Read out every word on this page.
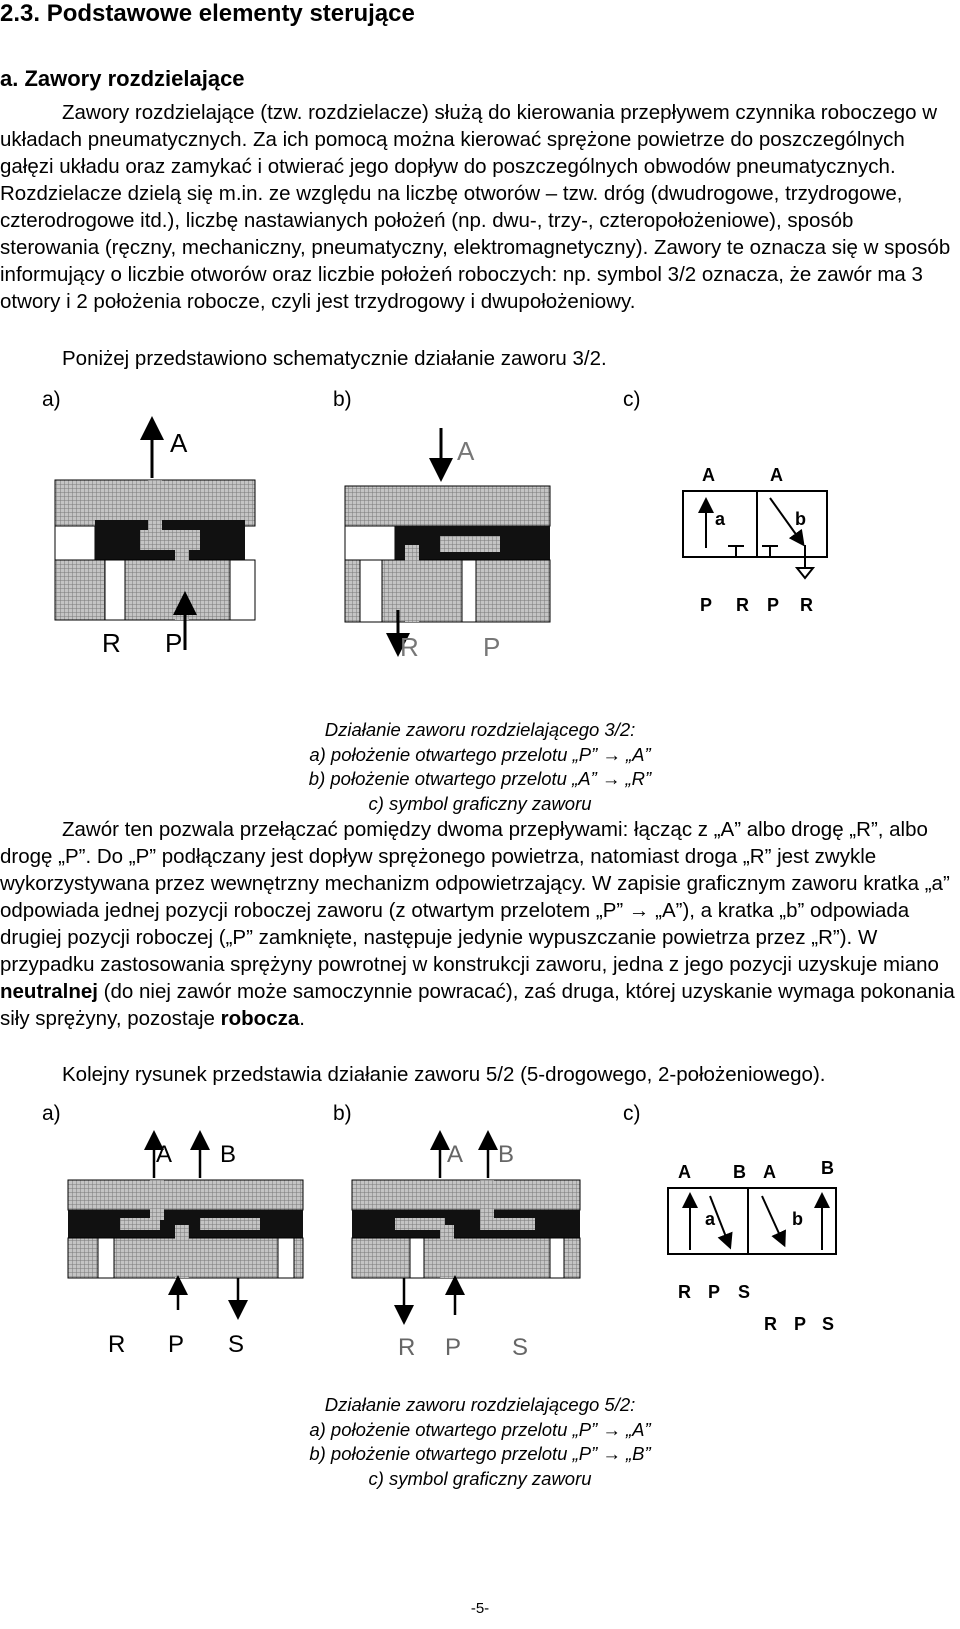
2.3. Podstawowe elementy sterujące
a. Zawory rozdzielające

Zawory rozdzielające (tzw. rozdzielacze) służą do kierowania przepływem czynnika roboczego w układach pneumatycznych. Za ich pomocą można kierować sprężone powietrze do poszczególnych gałęzi układu oraz zamykać i otwierać jego dopływ do poszczególnych obwodów pneumatycznych. Rozdzielacze dzielą się m.in. ze względu na liczbę otworów – tzw. dróg (dwudrogowe, trzydrogowe, czterodrogowe itd.), liczbę nastawianych położeń (np. dwu-, trzy-, czteropołożeniowe), sposób sterowania (ręczny, mechaniczny, pneumatyczny, elektromagnetyczny). Zawory te oznacza się w sposób informujący o liczbie otworów oraz liczbie położeń roboczych: np. symbol 3/2 oznacza, że zawór ma 3 otwory i 2 położenia robocze, czyli jest trzydrogowy i dwupołożeniowy.

Poniżej przedstawiono schematycznie działanie zaworu 3/2.

a)	b)	c)
A
R P
A
R P
a	b
A	A
P R P R
Działanie zaworu rozdzielającego 3/2:
a) położenie otwartego przelotu „P” → „A”
b) położenie otwartego przelotu „A” → „R”
c) symbol graficzny zaworu

Zawór ten pozwala przełączać pomiędzy dwoma przepływami: łącząc z „A” albo drogę „R”, albo drogę „P”. Do „P” podłączany jest dopływ sprężonego powietrza, natomiast droga „R” jest zwykle wykorzystywana przez wewnętrzny mechanizm odpowietrzający. W zapisie graficznym zaworu kratka „a” odpowiada jednej pozycji roboczej zaworu (z otwartym przelotem „P” → „A”), a kratka „b” odpowiada drugiej pozycji roboczej („P” zamknięte, następuje jedynie wypuszczanie powietrza przez „R”). W przypadku zastosowania sprężyny powrotnej w konstrukcji zaworu, jedna z jego pozycji uzyskuje miano neutralnej (do niej zawór może samoczynnie powracać), zaś druga, której uzyskanie wymaga pokonania siły sprężyny, pozostaje robocza.

Kolejny rysunek przedstawia działanie zaworu 5/2 (5-drogowego, 2-położeniowego).

a)	b)	c)
A B
R P S
A B
R P S
a	b
A B A	B
R P S
R P S
Działanie zaworu rozdzielającego 5/2:
a) położenie otwartego przelotu „P” → „A”
b) położenie otwartego przelotu „P” → „B”
c) symbol graficzny zaworu
-5-
